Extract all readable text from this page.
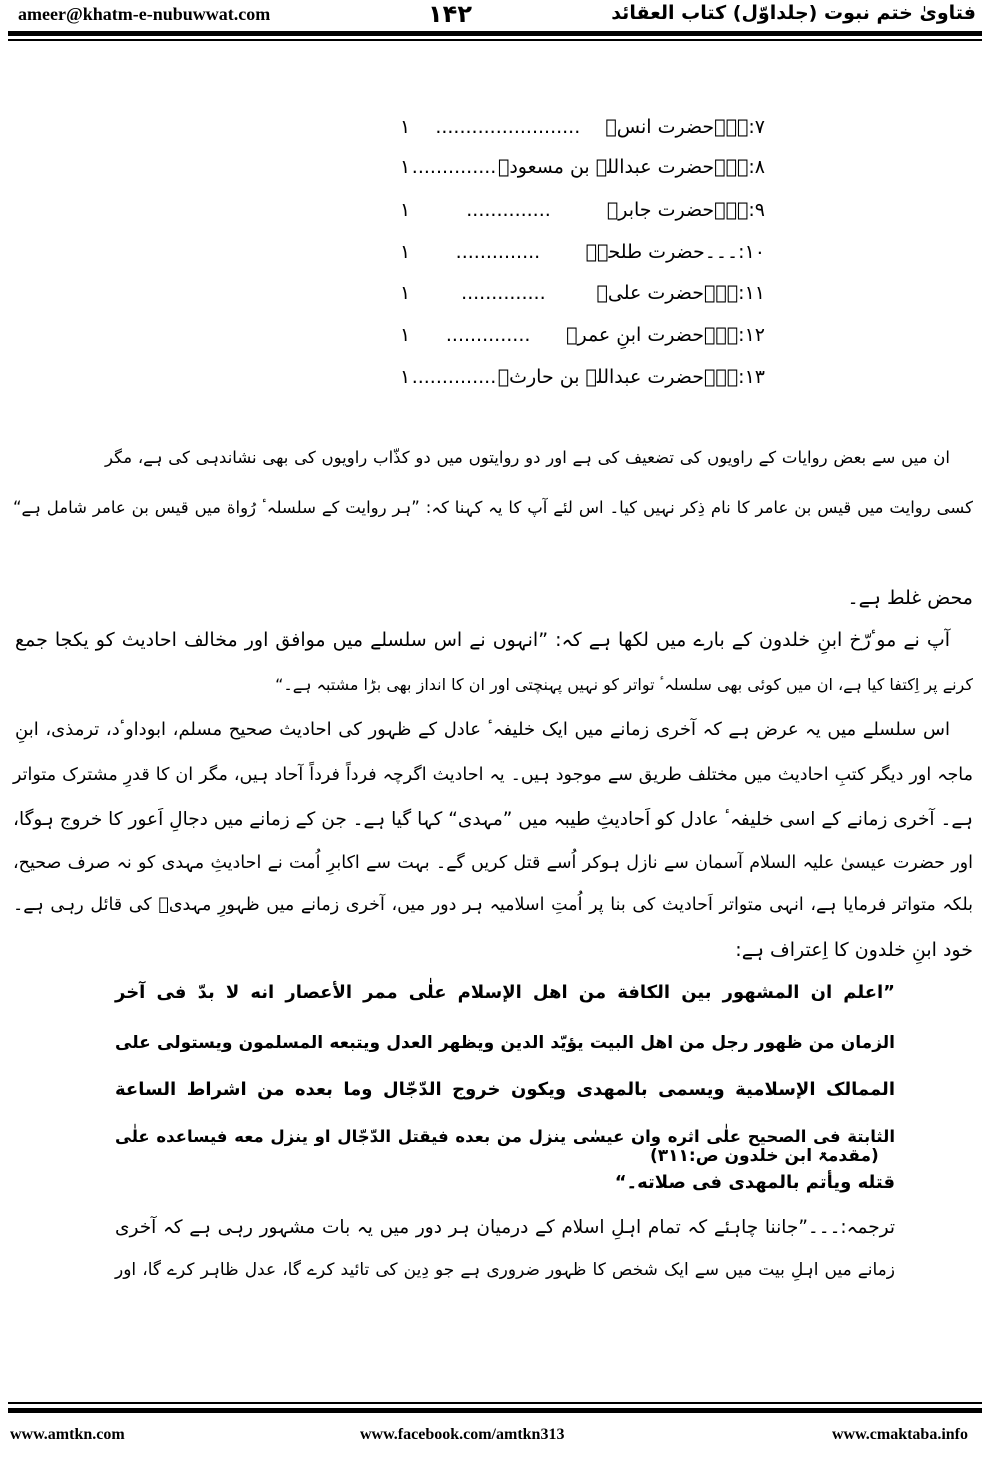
ameer@khatm-e-nubuwwat.com	۱۴۲	فتاویٰ ختم نبوت (جلداوّل) کتاب العقائد
۷:۔۔۔حضرت انسؓ
........................
۱
۸:۔۔۔حضرت عبداللہ بن مسعودؓ
..............
۱
۹:۔۔۔حضرت جابرؓ
..............
۱
۱۰:۔۔۔حضرت طلحہؓ
..............
۱
۱۱:۔۔۔حضرت علیؓ
..............
۱
۱۲:۔۔۔حضرت ابنِ عمرؓ
..............
۱
۱۳:۔۔۔حضرت عبداللہ بن حارثؓ
..............
۱
ان میں سے بعض روایات کے راویوں کی تضعیف کی ہے اور دو روایتوں میں دو کذّاب راویوں کی بھی نشاندہی کی ہے، مگر
کسی روایت میں قیس بن عامر کا نام ذِکر نہیں کیا۔ اس لئے آپ کا یہ کہنا کہ: ”ہر روایت کے سلسلہٴ رُواة میں قیس بن عامر شامل ہے“
محض غلط ہے۔
آپ نے موٴرّخ ابنِ خلدون کے بارے میں لکھا ہے کہ: ”انہوں نے اس سلسلے میں موافق اور مخالف احادیث کو یکجا جمع
کرنے پر اِکتفا کیا ہے، ان میں کوئی بھی سلسلہٴ تواتر کو نہیں پہنچتی اور ان کا انداز بھی بڑا مشتبہ ہے۔“
اس سلسلے میں یہ عرض ہے کہ آخری زمانے میں ایک خلیفہٴ عادل کے ظہور کی احادیث صحیح مسلم، ابوداوٴد، ترمذی، ابنِ
ماجہ اور دیگر کتبِ احادیث میں مختلف طریق سے موجود ہیں۔ یہ احادیث اگرچہ فرداً فرداً آحاد ہیں، مگر ان کا قدرِ مشترک متواتر
ہے۔ آخری زمانے کے اسی خلیفہٴ عادل کو اَحادیثِ طیبہ میں ”مہدی“ کہا گیا ہے۔ جن کے زمانے میں دجالِ اَعور کا خروج ہوگا،
اور حضرت عیسیٰ علیہ السلام آسمان سے نازل ہوکر اُسے قتل کریں گے۔ بہت سے اکابرِ اُمت نے احادیثِ مہدی کو نہ صرف صحیح،
بلکہ متواتر فرمایا ہے، انہی متواتر اَحادیث کی بنا پر اُمتِ اسلامیہ ہر دور میں، آخری زمانے میں ظہورِ مہدیؓ کی قائل رہی ہے۔
خود ابنِ خلدون کا اِعتراف ہے:
”اعلم ان المشھور بین الکافة من اھل الإسلام علٰی ممر الأعصار انه لا بدّ فی آخر
الزمان من ظھور رجل من اھل البیت یؤیّد الدین ویظھر العدل ویتبعه المسلمون ویستولی علی
الممالک الإسلامیة ویسمی بالمھدی ویکون خروج الدّجّال وما بعده من اشراط الساعة
الثابتة فی الصحیح علٰی اثره وان عیسٰی ینزل من بعده فیقتل الدّجّال او ینزل معه فیساعده علٰی
قتله ویأتم بالمھدی فی صلاته۔“
(مقدمۃ ابن خلدون ص:۳۱۱)
ترجمہ:۔۔۔”جاننا چاہئے کہ تمام اہلِ اسلام کے درمیان ہر دور میں یہ بات مشہور رہی ہے کہ آخری
زمانے میں اہلِ بیت میں سے ایک شخص کا ظہور ضروری ہے جو دِین کی تائید کرے گا، عدل ظاہر کرے گا، اور
www.amtkn.com	www.facebook.com/amtkn313	www.cmaktaba.info
